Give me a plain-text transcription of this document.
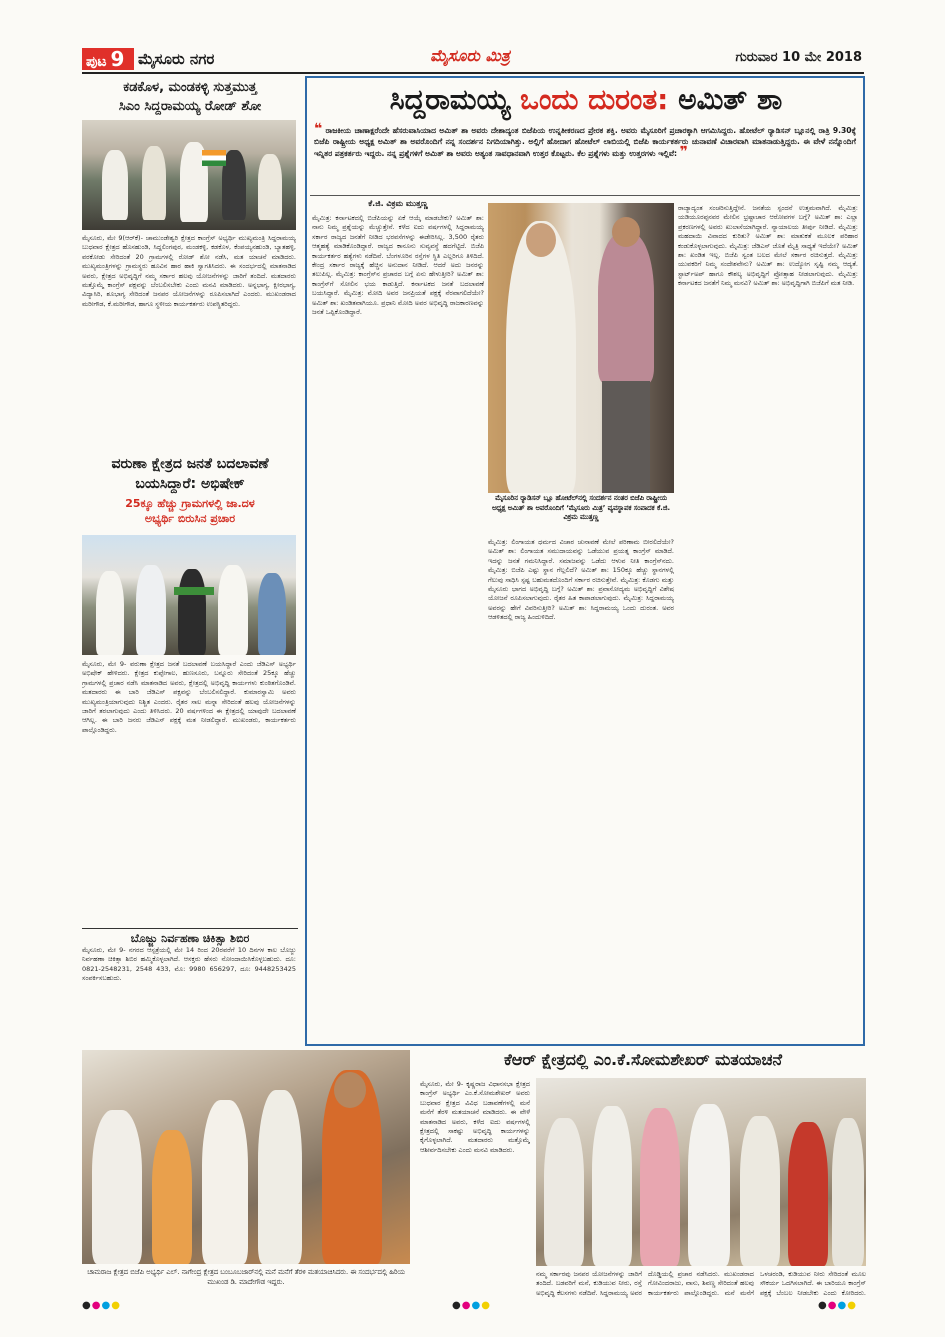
ಪುಟ 9 ಮೈಸೂರು ನಗರ	ಮೈಸೂರು ಮಿತ್ರ	ಗುರುವಾರ 10 ಮೇ 2018
ಕಡಕೊಳ, ಮಂಡಕಳ್ಳಿ ಸುತ್ತಮುತ್ತ
ಸಿಎಂ ಸಿದ್ದರಾಮಯ್ಯ ರೋಡ್ ಶೋ
ಮೈಸೂರು, ಮೇ 9(ಆರ್‌ಕೆ)- ಚಾಮುಂಡೇಶ್ವರಿ ಕ್ಷೇತ್ರದ ಕಾಂಗ್ರೆಸ್ ಅಭ್ಯರ್ಥಿ ಮುಖ್ಯಮಂತ್ರಿ ಸಿದ್ದರಾಮಯ್ಯ ಬುಧವಾರ ಕ್ಷೇತ್ರದ ಹೊಸಹುಂಡಿ, ಸಿದ್ದಲಿಂಗಪುರ, ಮಂಡಕಳ್ಳಿ, ಕಡಕೊಳ, ಕೆಂಪಯ್ಯನಹುಂಡಿ, ಬ್ಯಾತಹಳ್ಳಿ, ವರಕೋಡು ಸೇರಿದಂತೆ 20 ಗ್ರಾಮಗಳಲ್ಲಿ ರೋಡ್ ಶೋ ನಡೆಸಿ, ಮತ ಯಾಚನೆ ಮಾಡಿದರು. ಮುಖ್ಯಮಂತ್ರಿಗಳನ್ನು ಗ್ರಾಮಸ್ಥರು ಹೂವಿನ ಹಾರ ಹಾಕಿ ಸ್ವಾಗತಿಸಿದರು. ಈ ಸಂದರ್ಭದಲ್ಲಿ ಮಾತನಾಡಿದ ಅವರು, ಕ್ಷೇತ್ರದ ಅಭಿವೃದ್ಧಿಗೆ ನಮ್ಮ ಸರ್ಕಾರ ಹಲವು ಯೋಜನೆಗಳನ್ನು ಜಾರಿಗೆ ತಂದಿದೆ. ಮತದಾರರು ಮತ್ತೊಮ್ಮೆ ಕಾಂಗ್ರೆಸ್ ಪಕ್ಷವನ್ನು ಬೆಂಬಲಿಸಬೇಕು ಎಂದು ಮನವಿ ಮಾಡಿದರು. ಅನ್ನಭಾಗ್ಯ, ಕ್ಷೀರಭಾಗ್ಯ, ವಿದ್ಯಾಸಿರಿ, ಶೂಭಾಗ್ಯ ಸೇರಿದಂತೆ ಜನಪರ ಯೋಜನೆಗಳನ್ನು ರೂಪಿಸಲಾಗಿದೆ ಎಂದರು. ಮುಖಂಡರಾದ ಮರೀಗೌಡ, ಕೆ.ಮರೀಗೌಡ, ಹಾಗೂ ಸ್ಥಳೀಯ ಕಾರ್ಯಕರ್ತರು ಉಪಸ್ಥಿತರಿದ್ದರು.
ವರುಣಾ ಕ್ಷೇತ್ರದ ಜನತೆ ಬದಲಾವಣೆ
ಬಯಸಿದ್ದಾರೆ: ಅಭಿಷೇಕ್
25ಕ್ಕೂ ಹೆಚ್ಚು ಗ್ರಾಮಗಳಲ್ಲಿ ಜಾ.ದಳ
ಅಭ್ಯರ್ಥಿ ಬಿರುಸಿನ ಪ್ರಚಾರ
ಮೈಸೂರು, ಮೇ 9- ವರುಣಾ ಕ್ಷೇತ್ರದ ಜನತೆ ಬದಲಾವಣೆ ಬಯಸಿದ್ದಾರೆ ಎಂದು ಜೆಡಿಎಸ್ ಅಭ್ಯರ್ಥಿ ಅಭಿಷೇಕ್ ಹೇಳಿದರು. ಕ್ಷೇತ್ರದ ಕುಪ್ಪೇಗಾಲ, ಹುಣಸೂರು, ಬನ್ನೂರು ಸೇರಿದಂತೆ 25ಕ್ಕೂ ಹೆಚ್ಚು ಗ್ರಾಮಗಳಲ್ಲಿ ಪ್ರಚಾರ ನಡೆಸಿ ಮಾತನಾಡಿದ ಅವರು, ಕ್ಷೇತ್ರದಲ್ಲಿ ಅಭಿವೃದ್ಧಿ ಕಾರ್ಯಗಳು ಕುಂಠಿತಗೊಂಡಿವೆ. ಮತದಾರರು ಈ ಬಾರಿ ಜೆಡಿಎಸ್ ಪಕ್ಷವನ್ನು ಬೆಂಬಲಿಸಲಿದ್ದಾರೆ. ಕುಮಾರಸ್ವಾಮಿ ಅವರು ಮುಖ್ಯಮಂತ್ರಿಯಾಗುವುದು ನಿಶ್ಚಿತ ಎಂದರು. ರೈತರ ಸಾಲ ಮನ್ನಾ ಸೇರಿದಂತೆ ಹಲವು ಯೋಜನೆಗಳನ್ನು ಜಾರಿಗೆ ತರಲಾಗುವುದು ಎಂದು ತಿಳಿಸಿದರು. 20 ವರ್ಷಗಳಿಂದ ಈ ಕ್ಷೇತ್ರದಲ್ಲಿ ಯಾವುದೇ ಬದಲಾವಣೆ ಆಗಿಲ್ಲ. ಈ ಬಾರಿ ಜನರು ಜೆಡಿಎಸ್ ಪಕ್ಷಕ್ಕೆ ಮತ ನೀಡಲಿದ್ದಾರೆ. ಮುಖಂಡರು, ಕಾರ್ಯಕರ್ತರು ಪಾಲ್ಗೊಂಡಿದ್ದರು.
ಬೊಜ್ಜು ನಿರ್ವಹಣಾ ಚಿಕಿತ್ಸಾ ಶಿಬಿರ
ಮೈಸೂರು, ಮೇ 9- ನಗರದ ಆಸ್ಪತ್ರೆಯಲ್ಲಿ ಮೇ 14 ರಿಂದ 20ರವರೆಗೆ 10 ದಿನಗಳ ಕಾಲ ಬೊಜ್ಜು ನಿರ್ವಹಣಾ ಚಿಕಿತ್ಸಾ ಶಿಬಿರ ಹಮ್ಮಿಕೊಳ್ಳಲಾಗಿದೆ. ಆಸಕ್ತರು ಹೆಸರು ನೋಂದಾಯಿಸಿಕೊಳ್ಳಬಹುದು. ದೂ: 0821-2548231, 2548 433, ಮೊ: 9980 656297, ದೂ: 9448253425 ಸಂಪರ್ಕಿಸಬಹುದು.
ಸಿದ್ದರಾಮಯ್ಯ ಒಂದು ದುರಂತ: ಅಮಿತ್ ಶಾ
❝ ರಾಜಕೀಯ ಚಾಣಾಕ್ಷರೆಂದೇ ಹೆಸರುವಾಸಿಯಾದ ಅಮಿತ್ ಶಾ ಅವರು ದೇಶಾದ್ಯಂತ ಬಿಜೆಪಿಯ ಉನ್ನತೀಕರಣದ ಪ್ರೇರಕ ಶಕ್ತಿ. ಅವರು ಮೈಸೂರಿಗೆ ಪ್ರಚಾರಕ್ಕಾಗಿ ಆಗಮಿಸಿದ್ದರು. ಹೋಟೆಲ್ ರ‍್ಯಾಡಿಸನ್ ಬ್ಲೂನಲ್ಲಿ ರಾತ್ರಿ 9.30ಕ್ಕೆ ಬಿಜೆಪಿ ರಾಷ್ಟ್ರೀಯ ಅಧ್ಯಕ್ಷ ಅಮಿತ್ ಶಾ ಅವರೊಂದಿಗೆ ನನ್ನ ಸಂದರ್ಶನ ನಿಗದಿಯಾಗಿತ್ತು. ಅಲ್ಲಿಗೆ ಹೋದಾಗ ಹೋಟೆಲ್ ಲಾಬಿಯಲ್ಲಿ ಬಿಜೆಪಿ ಕಾರ್ಯಕರ್ತರು ಚುನಾವಣೆ ವಿಚಾರವಾಗಿ ಮಾತನಾಡುತ್ತಿದ್ದರು. ಈ ವೇಳೆ ನನ್ನೊಂದಿಗೆ ಇನ್ನಿತರ ಪತ್ರಕರ್ತರು ಇದ್ದರು. ನನ್ನ ಪ್ರಶ್ನೆಗಳಿಗೆ ಅಮಿತ್ ಶಾ ಅವರು ಅತ್ಯಂತ ಸಾವಧಾನವಾಗಿ ಉತ್ತರ ಕೊಟ್ಟರು. ಕೆಲ ಪ್ರಶ್ನೆಗಳು ಮತ್ತು ಉತ್ತರಗಳು ಇಲ್ಲಿವೆ: ❞
ಕೆ.ಜಿ. ವಿಕ್ರಮ ಮುತ್ತಣ್ಣ
ಮೈಮಿತ್ರ: ಕರ್ನಾಟಕದಲ್ಲಿ ಬಿಜೆಪಿಯನ್ನು ಏಕೆ ಆಯ್ಕೆ ಮಾಡಬೇಕು? ಅಮಿತ್ ಶಾ: ನಾನು ನಿಮ್ಮ ಪ್ರಶ್ನೆಯನ್ನು ಮೆಚ್ಚುತ್ತೇನೆ. ಕಳೆದ ಐದು ವರ್ಷಗಳಲ್ಲಿ ಸಿದ್ದರಾಮಯ್ಯ ಸರ್ಕಾರ ರಾಜ್ಯದ ಜನತೆಗೆ ನೀಡಿದ ಭರವಸೆಗಳನ್ನು ಈಡೇರಿಸಿಲ್ಲ. 3,500 ರೈತರು ಆತ್ಮಹತ್ಯೆ ಮಾಡಿಕೊಂಡಿದ್ದಾರೆ. ರಾಜ್ಯದ ಕಾನೂನು ಸುವ್ಯವಸ್ಥೆ ಹದಗೆಟ್ಟಿದೆ. ಬಿಜೆಪಿ ಕಾರ್ಯಕರ್ತರ ಹತ್ಯೆಗಳು ನಡೆದಿವೆ. ಬೆಂಗಳೂರಿನ ರಸ್ತೆಗಳ ಸ್ಥಿತಿ ಎಲ್ಲರಿಗೂ ತಿಳಿದಿದೆ. ಕೇಂದ್ರ ಸರ್ಕಾರ ರಾಜ್ಯಕ್ಕೆ ಹೆಚ್ಚಿನ ಅನುದಾನ ನೀಡಿದೆ. ಆದರೆ ಅದು ಜನರನ್ನು ತಲುಪಿಲ್ಲ. ಮೈಮಿತ್ರ: ಕಾಂಗ್ರೆಸ್‌ನ ಪ್ರಚಾರದ ಬಗ್ಗೆ ಏನು ಹೇಳುತ್ತೀರಿ? ಅಮಿತ್ ಶಾ: ಕಾಂಗ್ರೆಸ್‌ಗೆ ಸೋಲಿನ ಭಯ ಕಾಡುತ್ತಿದೆ. ಕರ್ನಾಟಕದ ಜನತೆ ಬದಲಾವಣೆ ಬಯಸಿದ್ದಾರೆ. ಮೈಮಿತ್ರ: ಮೋದಿ ಅವರ ಜನಪ್ರಿಯತೆ ಪಕ್ಷಕ್ಕೆ ನೆರವಾಗಲಿದೆಯೇ? ಅಮಿತ್ ಶಾ: ಖಂಡಿತವಾಗಿಯೂ. ಪ್ರಧಾನಿ ಮೋದಿ ಅವರ ಅಭಿವೃದ್ಧಿ ರಾಜಕಾರಣವನ್ನು ಜನತೆ ಒಪ್ಪಿಕೊಂಡಿದ್ದಾರೆ.
ಮೈಸೂರಿನ ರ‍್ಯಾಡಿಸನ್ ಬ್ಲೂ ಹೋಟೆಲ್‌ನಲ್ಲಿ ಸಂದರ್ಶನ ನಂತರ ಬಿಜೆಪಿ ರಾಷ್ಟ್ರೀಯ ಅಧ್ಯಕ್ಷ ಅಮಿತ್ ಶಾ ಅವರೊಂದಿಗೆ ‘ಮೈಸೂರು ಮಿತ್ರ’ ವ್ಯವಸ್ಥಾಪಕ ಸಂಪಾದಕ ಕೆ.ಜಿ. ವಿಕ್ರಮ ಮುತ್ತಣ್ಣ
ಮೈಮಿತ್ರ: ಲಿಂಗಾಯತ ಧರ್ಮದ ವಿಚಾರ ಚುನಾವಣೆ ಮೇಲೆ ಪರಿಣಾಮ ಬೀರಲಿದೆಯೇ? ಅಮಿತ್ ಶಾ: ಲಿಂಗಾಯತ ಸಮುದಾಯವನ್ನು ಒಡೆಯುವ ಪ್ರಯತ್ನ ಕಾಂಗ್ರೆಸ್ ಮಾಡಿದೆ. ಇದನ್ನು ಜನತೆ ಗಮನಿಸಿದ್ದಾರೆ. ಸಮಾಜವನ್ನು ಒಡೆದು ಆಳುವ ನೀತಿ ಕಾಂಗ್ರೆಸ್‌ನದು. ಮೈಮಿತ್ರ: ಬಿಜೆಪಿ ಎಷ್ಟು ಸ್ಥಾನ ಗೆಲ್ಲಲಿದೆ? ಅಮಿತ್ ಶಾ: 150ಕ್ಕೂ ಹೆಚ್ಚು ಸ್ಥಾನಗಳಲ್ಲಿ ಗೆಲುವು ಸಾಧಿಸಿ ಸ್ಪಷ್ಟ ಬಹುಮತದೊಂದಿಗೆ ಸರ್ಕಾರ ರಚಿಸುತ್ತೇವೆ. ಮೈಮಿತ್ರ: ಕೊಡಗು ಮತ್ತು ಮೈಸೂರು ಭಾಗದ ಅಭಿವೃದ್ಧಿ ಬಗ್ಗೆ? ಅಮಿತ್ ಶಾ: ಪ್ರವಾಸೋದ್ಯಮ ಅಭಿವೃದ್ಧಿಗೆ ವಿಶೇಷ ಯೋಜನೆ ರೂಪಿಸಲಾಗುವುದು. ರೈತರ ಹಿತ ಕಾಪಾಡಲಾಗುವುದು. ಮೈಮಿತ್ರ: ಸಿದ್ದರಾಮಯ್ಯ ಅವರನ್ನು ಹೇಗೆ ವಿವರಿಸುತ್ತೀರಿ? ಅಮಿತ್ ಶಾ: ಸಿದ್ದರಾಮಯ್ಯ ಒಂದು ದುರಂತ. ಅವರ ಆಡಳಿತದಲ್ಲಿ ರಾಜ್ಯ ಹಿಂದುಳಿದಿದೆ.
ರಾಜ್ಯಾದ್ಯಂತ ಸಂಚರಿಸುತ್ತಿದ್ದೇನೆ. ಜನತೆಯ ಸ್ಪಂದನೆ ಉತ್ತಮವಾಗಿದೆ. ಮೈಮಿತ್ರ: ಯಡಿಯೂರಪ್ಪನವರ ಮೇಲಿನ ಭ್ರಷ್ಟಾಚಾರ ಆರೋಪಗಳ ಬಗ್ಗೆ? ಅಮಿತ್ ಶಾ: ಎಲ್ಲಾ ಪ್ರಕರಣಗಳಲ್ಲಿ ಅವರು ಖುಲಾಸೆಯಾಗಿದ್ದಾರೆ. ನ್ಯಾಯಾಲಯ ತೀರ್ಪು ನೀಡಿದೆ. ಮೈಮಿತ್ರ: ಮಹದಾಯಿ ವಿವಾದದ ಕುರಿತು? ಅಮಿತ್ ಶಾ: ಮಾತುಕತೆ ಮೂಲಕ ಪರಿಹಾರ ಕಂಡುಕೊಳ್ಳಲಾಗುವುದು. ಮೈಮಿತ್ರ: ಜೆಡಿಎಸ್ ಜೊತೆ ಮೈತ್ರಿ ಸಾಧ್ಯತೆ ಇದೆಯೇ? ಅಮಿತ್ ಶಾ: ಖಂಡಿತ ಇಲ್ಲ. ಬಿಜೆಪಿ ಸ್ವಂತ ಬಲದ ಮೇಲೆ ಸರ್ಕಾರ ರಚಿಸುತ್ತದೆ. ಮೈಮಿತ್ರ: ಯುವಕರಿಗೆ ನಿಮ್ಮ ಸಂದೇಶವೇನು? ಅಮಿತ್ ಶಾ: ಉದ್ಯೋಗ ಸೃಷ್ಟಿ ನಮ್ಮ ಆದ್ಯತೆ. ಸ್ಟಾರ್ಟ್‌ಅಪ್ ಹಾಗೂ ಕೌಶಲ್ಯ ಅಭಿವೃದ್ಧಿಗೆ ಪ್ರೋತ್ಸಾಹ ನೀಡಲಾಗುವುದು. ಮೈಮಿತ್ರ: ಕರ್ನಾಟಕದ ಜನತೆಗೆ ನಿಮ್ಮ ಮನವಿ? ಅಮಿತ್ ಶಾ: ಅಭಿವೃದ್ಧಿಗಾಗಿ ಬಿಜೆಪಿಗೆ ಮತ ನೀಡಿ.
ಚಾಮರಾಜ ಕ್ಷೇತ್ರದ ಬಿಜೆಪಿ ಅಭ್ಯರ್ಥಿ ಎಲ್. ನಾಗೇಂದ್ರ ಕ್ಷೇತ್ರದ ಬಂಬೂಬಜಾರ್‌ನಲ್ಲಿ ಮನೆ ಮನೆಗೆ ತೆರಳಿ ಮತಯಾಚಿಸಿದರು. ಈ ಸಂದರ್ಭದಲ್ಲಿ ಹಿರಿಯ ಮುಖಂಡ ಡಿ. ಮಾದೇಗೌಡ ಇದ್ದರು.
ಕೆಆರ್ ಕ್ಷೇತ್ರದಲ್ಲಿ ಎಂ.ಕೆ.ಸೋಮಶೇಖರ್ ಮತಯಾಚನೆ
ಮೈಸೂರು, ಮೇ 9- ಕೃಷ್ಣರಾಜ ವಿಧಾನಸಭಾ ಕ್ಷೇತ್ರದ ಕಾಂಗ್ರೆಸ್ ಅಭ್ಯರ್ಥಿ ಎಂ.ಕೆ.ಸೋಮಶೇಖರ್ ಅವರು ಬುಧವಾರ ಕ್ಷೇತ್ರದ ವಿವಿಧ ಬಡಾವಣೆಗಳಲ್ಲಿ ಮನೆ ಮನೆಗೆ ತೆರಳಿ ಮತಯಾಚನೆ ಮಾಡಿದರು. ಈ ವೇಳೆ ಮಾತನಾಡಿದ ಅವರು, ಕಳೆದ ಐದು ವರ್ಷಗಳಲ್ಲಿ ಕ್ಷೇತ್ರದಲ್ಲಿ ಸಾಕಷ್ಟು ಅಭಿವೃದ್ಧಿ ಕಾರ್ಯಗಳನ್ನು ಕೈಗೊಳ್ಳಲಾಗಿದೆ. ಮತದಾರರು ಮತ್ತೊಮ್ಮೆ ಆಶೀರ್ವದಿಸಬೇಕು ಎಂದು ಮನವಿ ಮಾಡಿದರು.
ನಮ್ಮ ಸರ್ಕಾರವು ಜನಪರ ಯೋಜನೆಗಳನ್ನು ಜಾರಿಗೆ ತಂದಿದೆ. ಬಡವರಿಗೆ ಮನೆ, ಕುಡಿಯುವ ನೀರು, ರಸ್ತೆ ಅಭಿವೃದ್ಧಿ ಕೆಲಸಗಳು ನಡೆದಿವೆ. ಸಿದ್ದರಾಮಯ್ಯ ಅವರ
ದೊಡ್ಡಿಯಲ್ಲಿ ಪ್ರಚಾರ ನಡೆಸಿದರು. ಮುಖಂಡರಾದ ಗೋವಿಂದರಾಜು, ವಾಸು, ಶಿವಣ್ಣ ಸೇರಿದಂತೆ ಹಲವು ಕಾರ್ಯಕರ್ತರು ಪಾಲ್ಗೊಂಡಿದ್ದರು. ಮನೆ ಮನೆಗೆ
ಒಳಚರಂಡಿ, ಕುಡಿಯುವ ನೀರು ಸೇರಿದಂತೆ ಮೂಲ ಸೌಕರ್ಯ ಒದಗಿಸಲಾಗಿದೆ. ಈ ಬಾರಿಯೂ ಕಾಂಗ್ರೆಸ್ ಪಕ್ಷಕ್ಕೆ ಬೆಂಬಲ ನೀಡಬೇಕು ಎಂದು ಕೋರಿದರು.
●●●●	●●●●	●●●●
